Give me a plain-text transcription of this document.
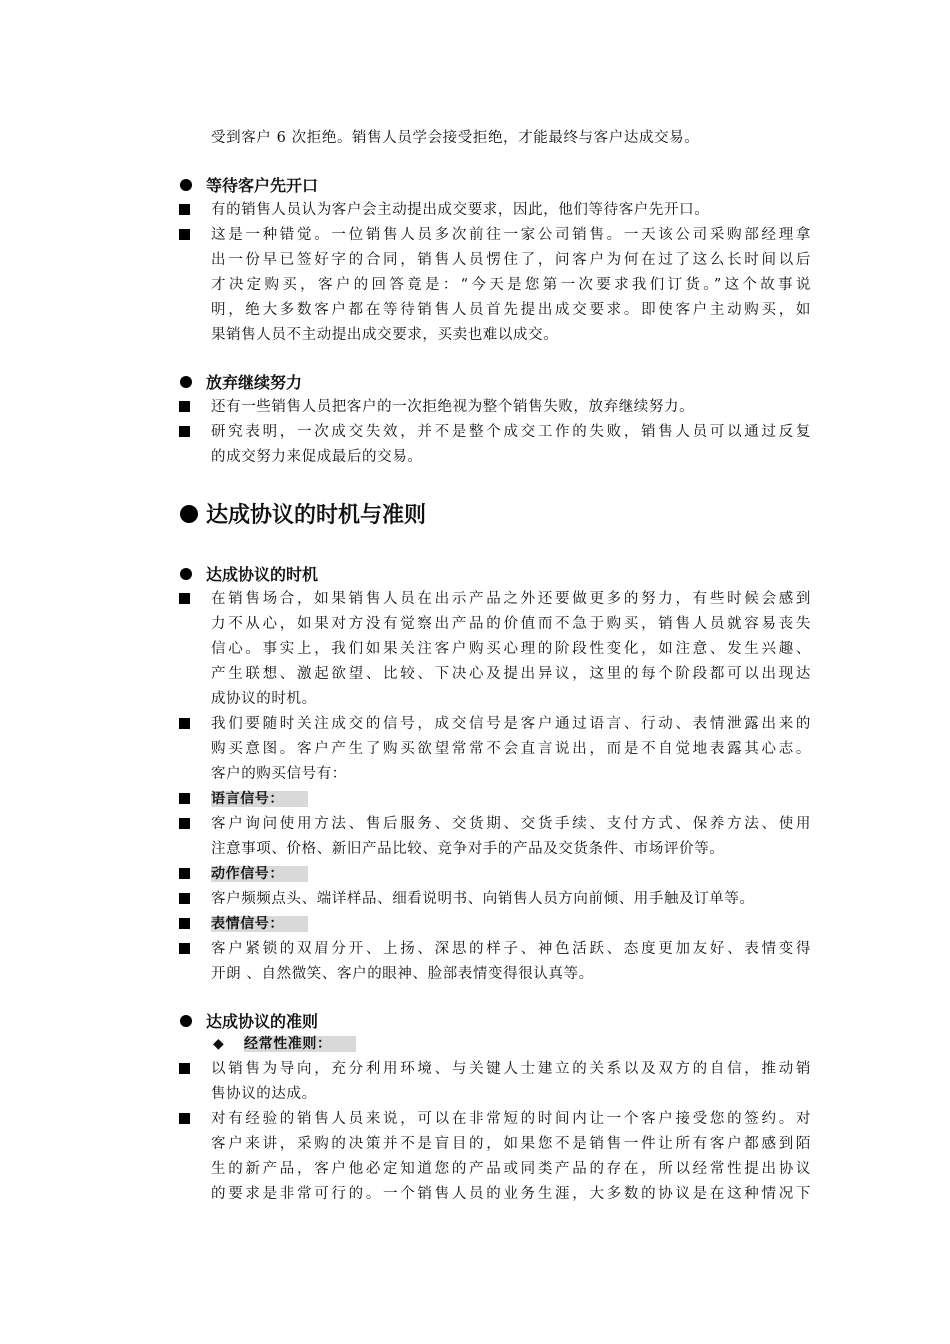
受到客户 6 次拒绝。销售人员学会接受拒绝，才能最终与客户达成交易。
等待客户先开口
有的销售人员认为客户会主动提出成交要求，因此，他们等待客户先开口。
这是一种错觉。一位销售人员多次前往一家公司销售。一天该公司采购部经理拿
出一份早已签好字的合同，销售人员愣住了，问客户为何在过了这么长时间以后
才决定购买，客户的回答竟是：“今天是您第一次要求我们订货。”这个故事说
明，绝大多数客户都在等待销售人员首先提出成交要求。即使客户主动购买，如
果销售人员不主动提出成交要求，买卖也难以成交。
放弃继续努力
还有一些销售人员把客户的一次拒绝视为整个销售失败，放弃继续努力。
研究表明，一次成交失效，并不是整个成交工作的失败，销售人员可以通过反复
的成交努力来促成最后的交易。
达成协议的时机与准则
达成协议的时机
在销售场合，如果销售人员在出示产品之外还要做更多的努力，有些时候会感到
力不从心，如果对方没有觉察出产品的价值而不急于购买，销售人员就容易丧失
信心。事实上，我们如果关注客户购买心理的阶段性变化，如注意、发生兴趣、
产生联想、激起欲望、比较、下决心及提出异议，这里的每个阶段都可以出现达
成协议的时机。
我们要随时关注成交的信号，成交信号是客户通过语言、行动、表情泄露出来的
购买意图。客户产生了购买欲望常常不会直言说出，而是不自觉地表露其心志。
客户的购买信号有：
语言信号：
客户询问使用方法、售后服务、交货期、交货手续、支付方式、保养方法、使用
注意事项、价格、新旧产品比较、竞争对手的产品及交货条件、市场评价等。
动作信号：
客户频频点头、端详样品、细看说明书、向销售人员方向前倾、用手触及订单等。
表情信号：
客户紧锁的双眉分开、上扬、深思的样子、神色活跃、态度更加友好、表情变得
开朗 、自然微笑、客户的眼神、脸部表情变得很认真等。
达成协议的准则
◆ 经常性准则：
以销售为导向，充分利用环境、与关键人士建立的关系以及双方的自信，推动销
售协议的达成。
对有经验的销售人员来说，可以在非常短的时间内让一个客户接受您的签约。对
客户来讲，采购的决策并不是盲目的，如果您不是销售一件让所有客户都感到陌
生的新产品，客户他必定知道您的产品或同类产品的存在，所以经常性提出协议
的要求是非常可行的。一个销售人员的业务生涯，大多数的协议是在这种情况下
